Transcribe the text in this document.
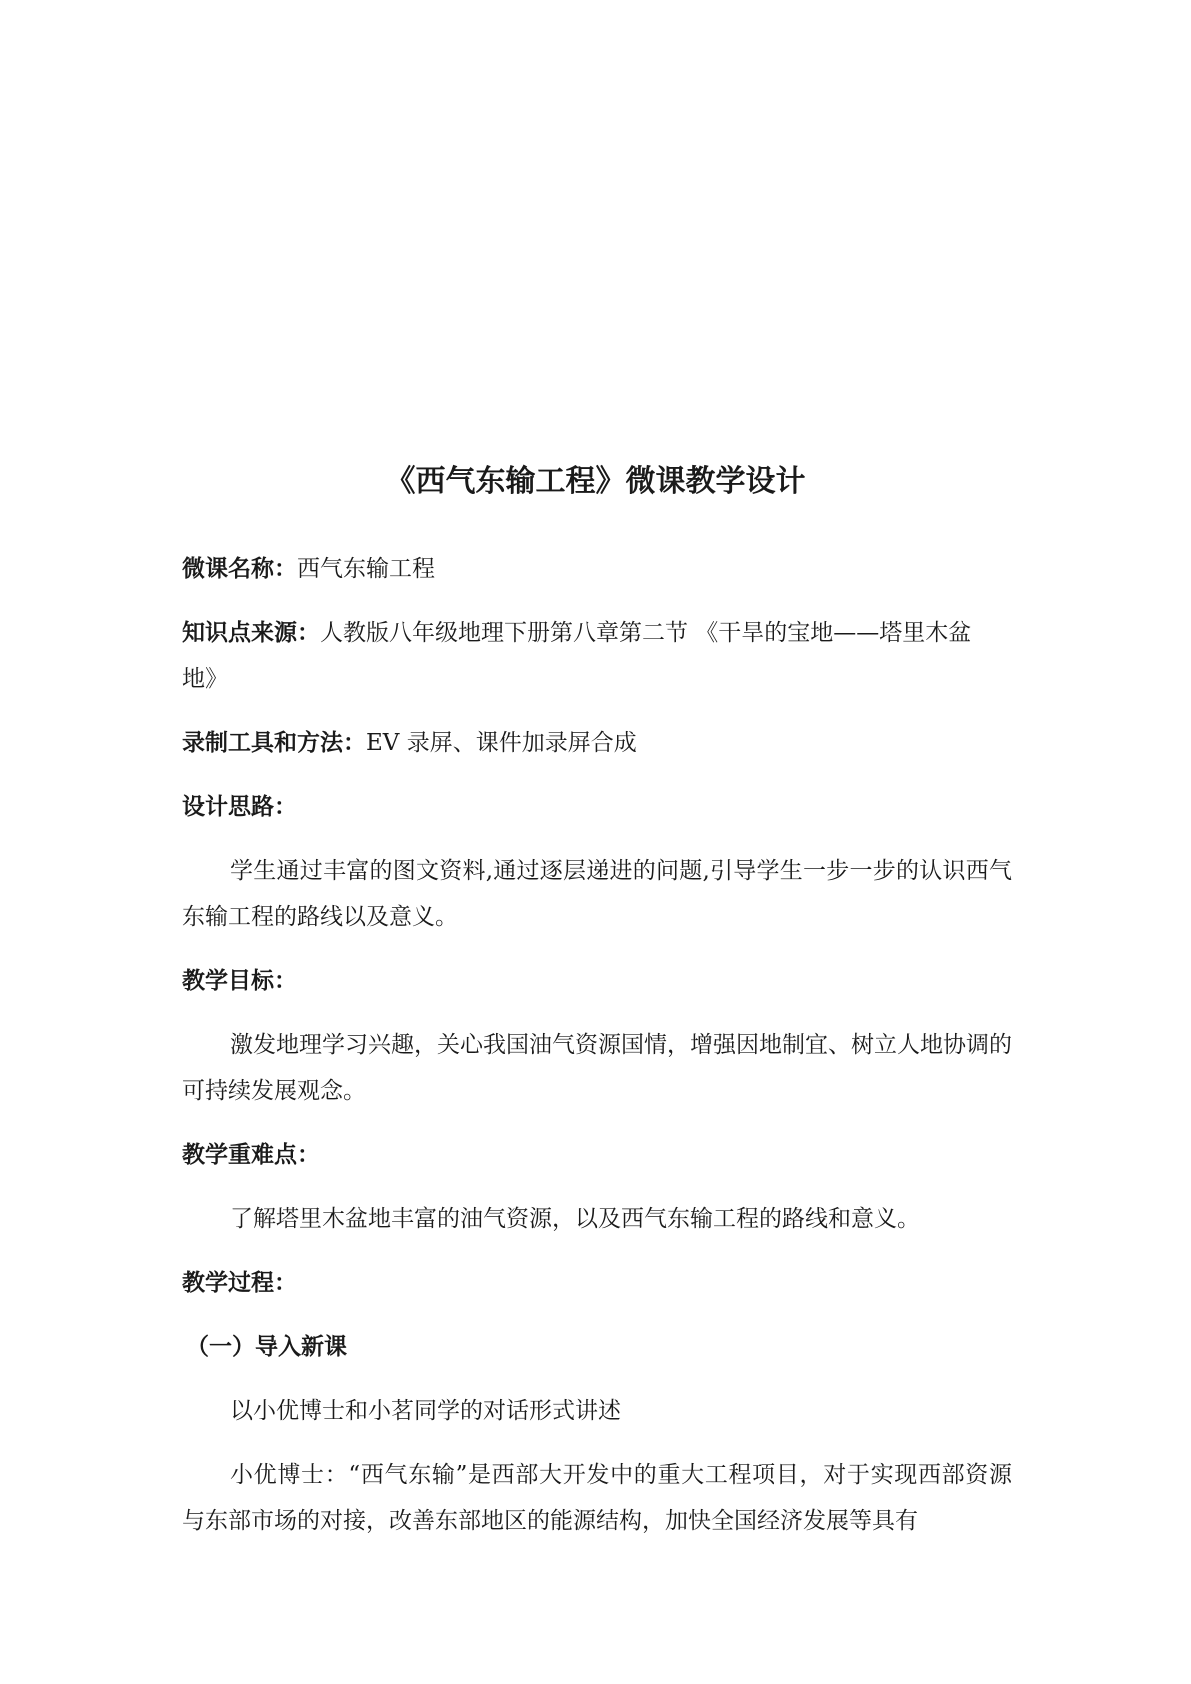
《西气东输工程》微课教学设计
微课名称：西气东输工程
知识点来源：人教版八年级地理下册第八章第二节 《干旱的宝地——塔里木盆
地》
录制工具和方法：EV 录屏、课件加录屏合成
设计思路：

学生通过丰富的图文资料,通过逐层递进的问题,引导学生一步一步的认识西气东输工程的路线以及意义。

教学目标：

激发地理学习兴趣，关心我国油气资源国情，增强因地制宜、树立人地协调的可持续发展观念。

教学重难点：

了解塔里木盆地丰富的油气资源，以及西气东输工程的路线和意义。

教学过程：
（一）导入新课
以小优博士和小茗同学的对话形式讲述

小优博士：“西气东输”是西部大开发中的重大工程项目，对于实现西部资源与东部市场的对接，改善东部地区的能源结构，加快全国经济发展等具有
